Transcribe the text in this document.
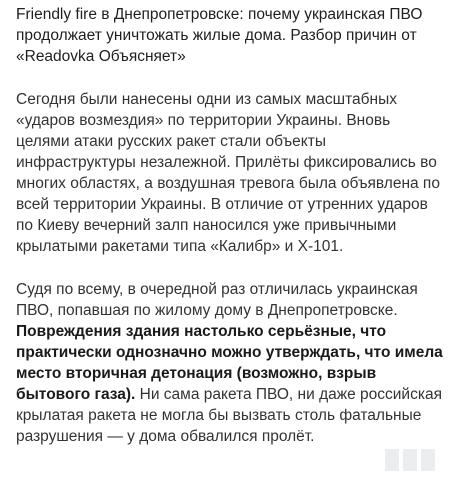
Friendly fire в Днепропетровске: почему украинская ПВО продолжает уничтожать жилые дома. Разбор причин от «Readovka Объясняет»

Сегодня были нанесены одни из самых масштабных «ударов возмездия» по территории Украины. Вновь целями атаки русских ракет стали объекты инфраструктуры незалежной. Прилёты фиксировались во многих областях, а воздушная тревога была объявлена по всей территории Украины. В отличие от утренних ударов по Киеву вечерний залп наносился уже привычными крылатыми ракетами типа «Калибр» и Х-101.

Судя по всему, в очередной раз отличилась украинская ПВО, попавшая по жилому дому в Днепропетровске. Повреждения здания настолько серьёзные, что практически однозначно можно утверждать, что имела место вторичная детонация (возможно, взрыв бытового газа). Ни сама ракета ПВО, ни даже российская крылатая ракета не могла бы вызвать столь фатальные разрушения — у дома обвалился пролёт.
